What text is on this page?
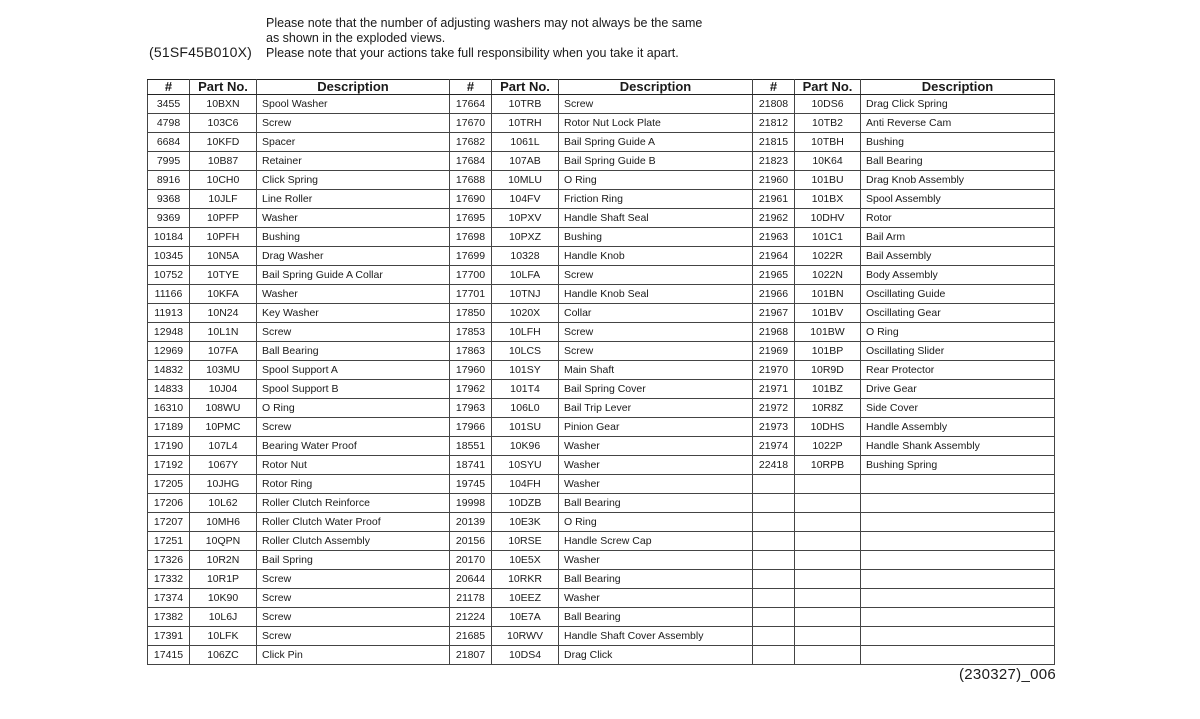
(51SF45B010X)
Please note that the number of adjusting washers may not always be the same
as shown in the exploded views.
Please note that your actions take full responsibility when you take it apart.
#	Part No.	Description	#	Part No.	Description	#	Part No.	Description
3455	10BXN	Spool Washer	17664	10TRB	Screw	21808	10DS6	Drag Click Spring
4798	103C6	Screw	17670	10TRH	Rotor Nut Lock Plate	21812	10TB2	Anti Reverse Cam
6684	10KFD	Spacer	17682	1061L	Bail Spring Guide A	21815	10TBH	Bushing
7995	10B87	Retainer	17684	107AB	Bail Spring Guide B	21823	10K64	Ball Bearing
8916	10CH0	Click Spring	17688	10MLU	O Ring	21960	101BU	Drag Knob Assembly
9368	10JLF	Line Roller	17690	104FV	Friction Ring	21961	101BX	Spool Assembly
9369	10PFP	Washer	17695	10PXV	Handle Shaft Seal	21962	10DHV	Rotor
10184	10PFH	Bushing	17698	10PXZ	Bushing	21963	101C1	Bail Arm
10345	10N5A	Drag Washer	17699	10328	Handle Knob	21964	1022R	Bail Assembly
10752	10TYE	Bail Spring Guide A Collar	17700	10LFA	Screw	21965	1022N	Body Assembly
11166	10KFA	Washer	17701	10TNJ	Handle Knob Seal	21966	101BN	Oscillating Guide
11913	10N24	Key Washer	17850	1020X	Collar	21967	101BV	Oscillating Gear
12948	10L1N	Screw	17853	10LFH	Screw	21968	101BW	O Ring
12969	107FA	Ball Bearing	17863	10LCS	Screw	21969	101BP	Oscillating Slider
14832	103MU	Spool Support A	17960	101SY	Main Shaft	21970	10R9D	Rear Protector
14833	10J04	Spool Support B	17962	101T4	Bail Spring Cover	21971	101BZ	Drive Gear
16310	108WU	O Ring	17963	106L0	Bail Trip Lever	21972	10R8Z	Side Cover
17189	10PMC	Screw	17966	101SU	Pinion Gear	21973	10DHS	Handle Assembly
17190	107L4	Bearing Water Proof	18551	10K96	Washer	21974	1022P	Handle Shank Assembly
17192	1067Y	Rotor Nut	18741	10SYU	Washer	22418	10RPB	Bushing Spring
17205	10JHG	Rotor Ring	19745	104FH	Washer			
17206	10L62	Roller Clutch Reinforce	19998	10DZB	Ball Bearing			
17207	10MH6	Roller Clutch Water Proof	20139	10E3K	O Ring			
17251	10QPN	Roller Clutch Assembly	20156	10RSE	Handle Screw Cap			
17326	10R2N	Bail Spring	20170	10E5X	Washer			
17332	10R1P	Screw	20644	10RKR	Ball Bearing			
17374	10K90	Screw	21178	10EEZ	Washer			
17382	10L6J	Screw	21224	10E7A	Ball Bearing			
17391	10LFK	Screw	21685	10RWV	Handle Shaft Cover Assembly			
17415	106ZC	Click Pin	21807	10DS4	Drag Click			
(230327)_006
